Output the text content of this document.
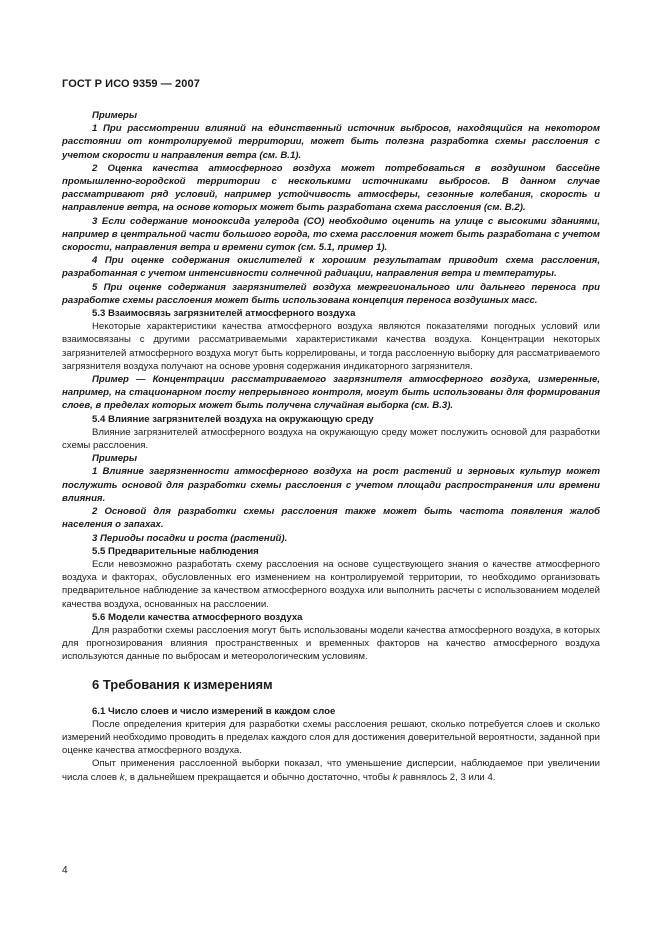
ГОСТ Р ИСО 9359 — 2007

Примеры

1 При рассмотрении влияний на единственный источник выбросов, находящийся на некотором расстоянии от контролируемой территории, может быть полезна разработка схемы расслоения с учетом скорости и направления ветра (см. В.1).

2 Оценка качества атмосферного воздуха может потребоваться в воздушном бассейне промышленно-городской территории с несколькими источниками выбросов. В данном случае рассматривают ряд условий, например устойчивость атмосферы, сезонные колебания, скорость и направление ветра, на основе которых может быть разработана схема расслоения (см. В.2).

3 Если содержание монооксида углерода (СО) необходимо оценить на улице с высокими зданиями, например в центральной части большого города, то схема расслоения может быть разработана с учетом скорости, направления ветра и времени суток (см. 5.1, пример 1).

4 При оценке содержания окислителей к хорошим результатам приводит схема расслоения, разработанная с учетом интенсивности солнечной радиации, направления ветра и температуры.

5 При оценке содержания загрязнителей воздуха межрегионального или дальнего переноса при разработке схемы расслоения может быть использована концепция переноса воздушных масс.

5.3 Взаимосвязь загрязнителей атмосферного воздуха

Некоторые характеристики качества атмосферного воздуха являются показателями погодных условий или взаимосвязаны с другими рассматриваемыми характеристиками качества воздуха. Концентрации некоторых загрязнителей атмосферного воздуха могут быть коррелированы, и тогда расслоенную выборку для рассматриваемого загрязнителя воздуха получают на основе уровня содержания индикаторного загрязнителя.

Пример — Концентрации рассматриваемого загрязнителя атмосферного воздуха, измеренные, например, на стационарном посту непрерывного контроля, могут быть использованы для формирования слоев, в пределах которых может быть получена случайная выборка (см. В.3).

5.4 Влияние загрязнителей воздуха на окружающую среду

Влияние загрязнителей атмосферного воздуха на окружающую среду может послужить основой для разработки схемы расслоения.

Примеры

1 Влияние загрязненности атмосферного воздуха на рост растений и зерновых культур может послужить основой для разработки схемы расслоения с учетом площади распространения или времени влияния.

2 Основой для разработки схемы расслоения также может быть частота появления жалоб населения о запахах.

3 Периоды посадки и роста (растений).

5.5 Предварительные наблюдения

Если невозможно разработать схему расслоения на основе существующего знания о качестве атмосферного воздуха и факторах, обусловленных его изменением на контролируемой территории, то необходимо организовать предварительное наблюдение за качеством атмосферного воздуха или выполнить расчеты с использованием моделей качества воздуха, основанных на расслоении.

5.6 Модели качества атмосферного воздуха

Для разработки схемы расслоения могут быть использованы модели качества атмосферного воздуха, в которых для прогнозирования влияния пространственных и временных факторов на качество атмосферного воздуха используются данные по выбросам и метеорологическим условиям.

6 Требования к измерениям

6.1 Число слоев и число измерений в каждом слое

После определения критерия для разработки схемы расслоения решают, сколько потребуется слоев и сколько измерений необходимо проводить в пределах каждого слоя для достижения доверительной вероятности, заданной при оценке качества атмосферного воздуха.

Опыт применения расслоенной выборки показал, что уменьшение дисперсии, наблюдаемое при увеличении числа слоев k, в дальнейшем прекращается и обычно достаточно, чтобы k равнялось 2, 3 или 4.

4
